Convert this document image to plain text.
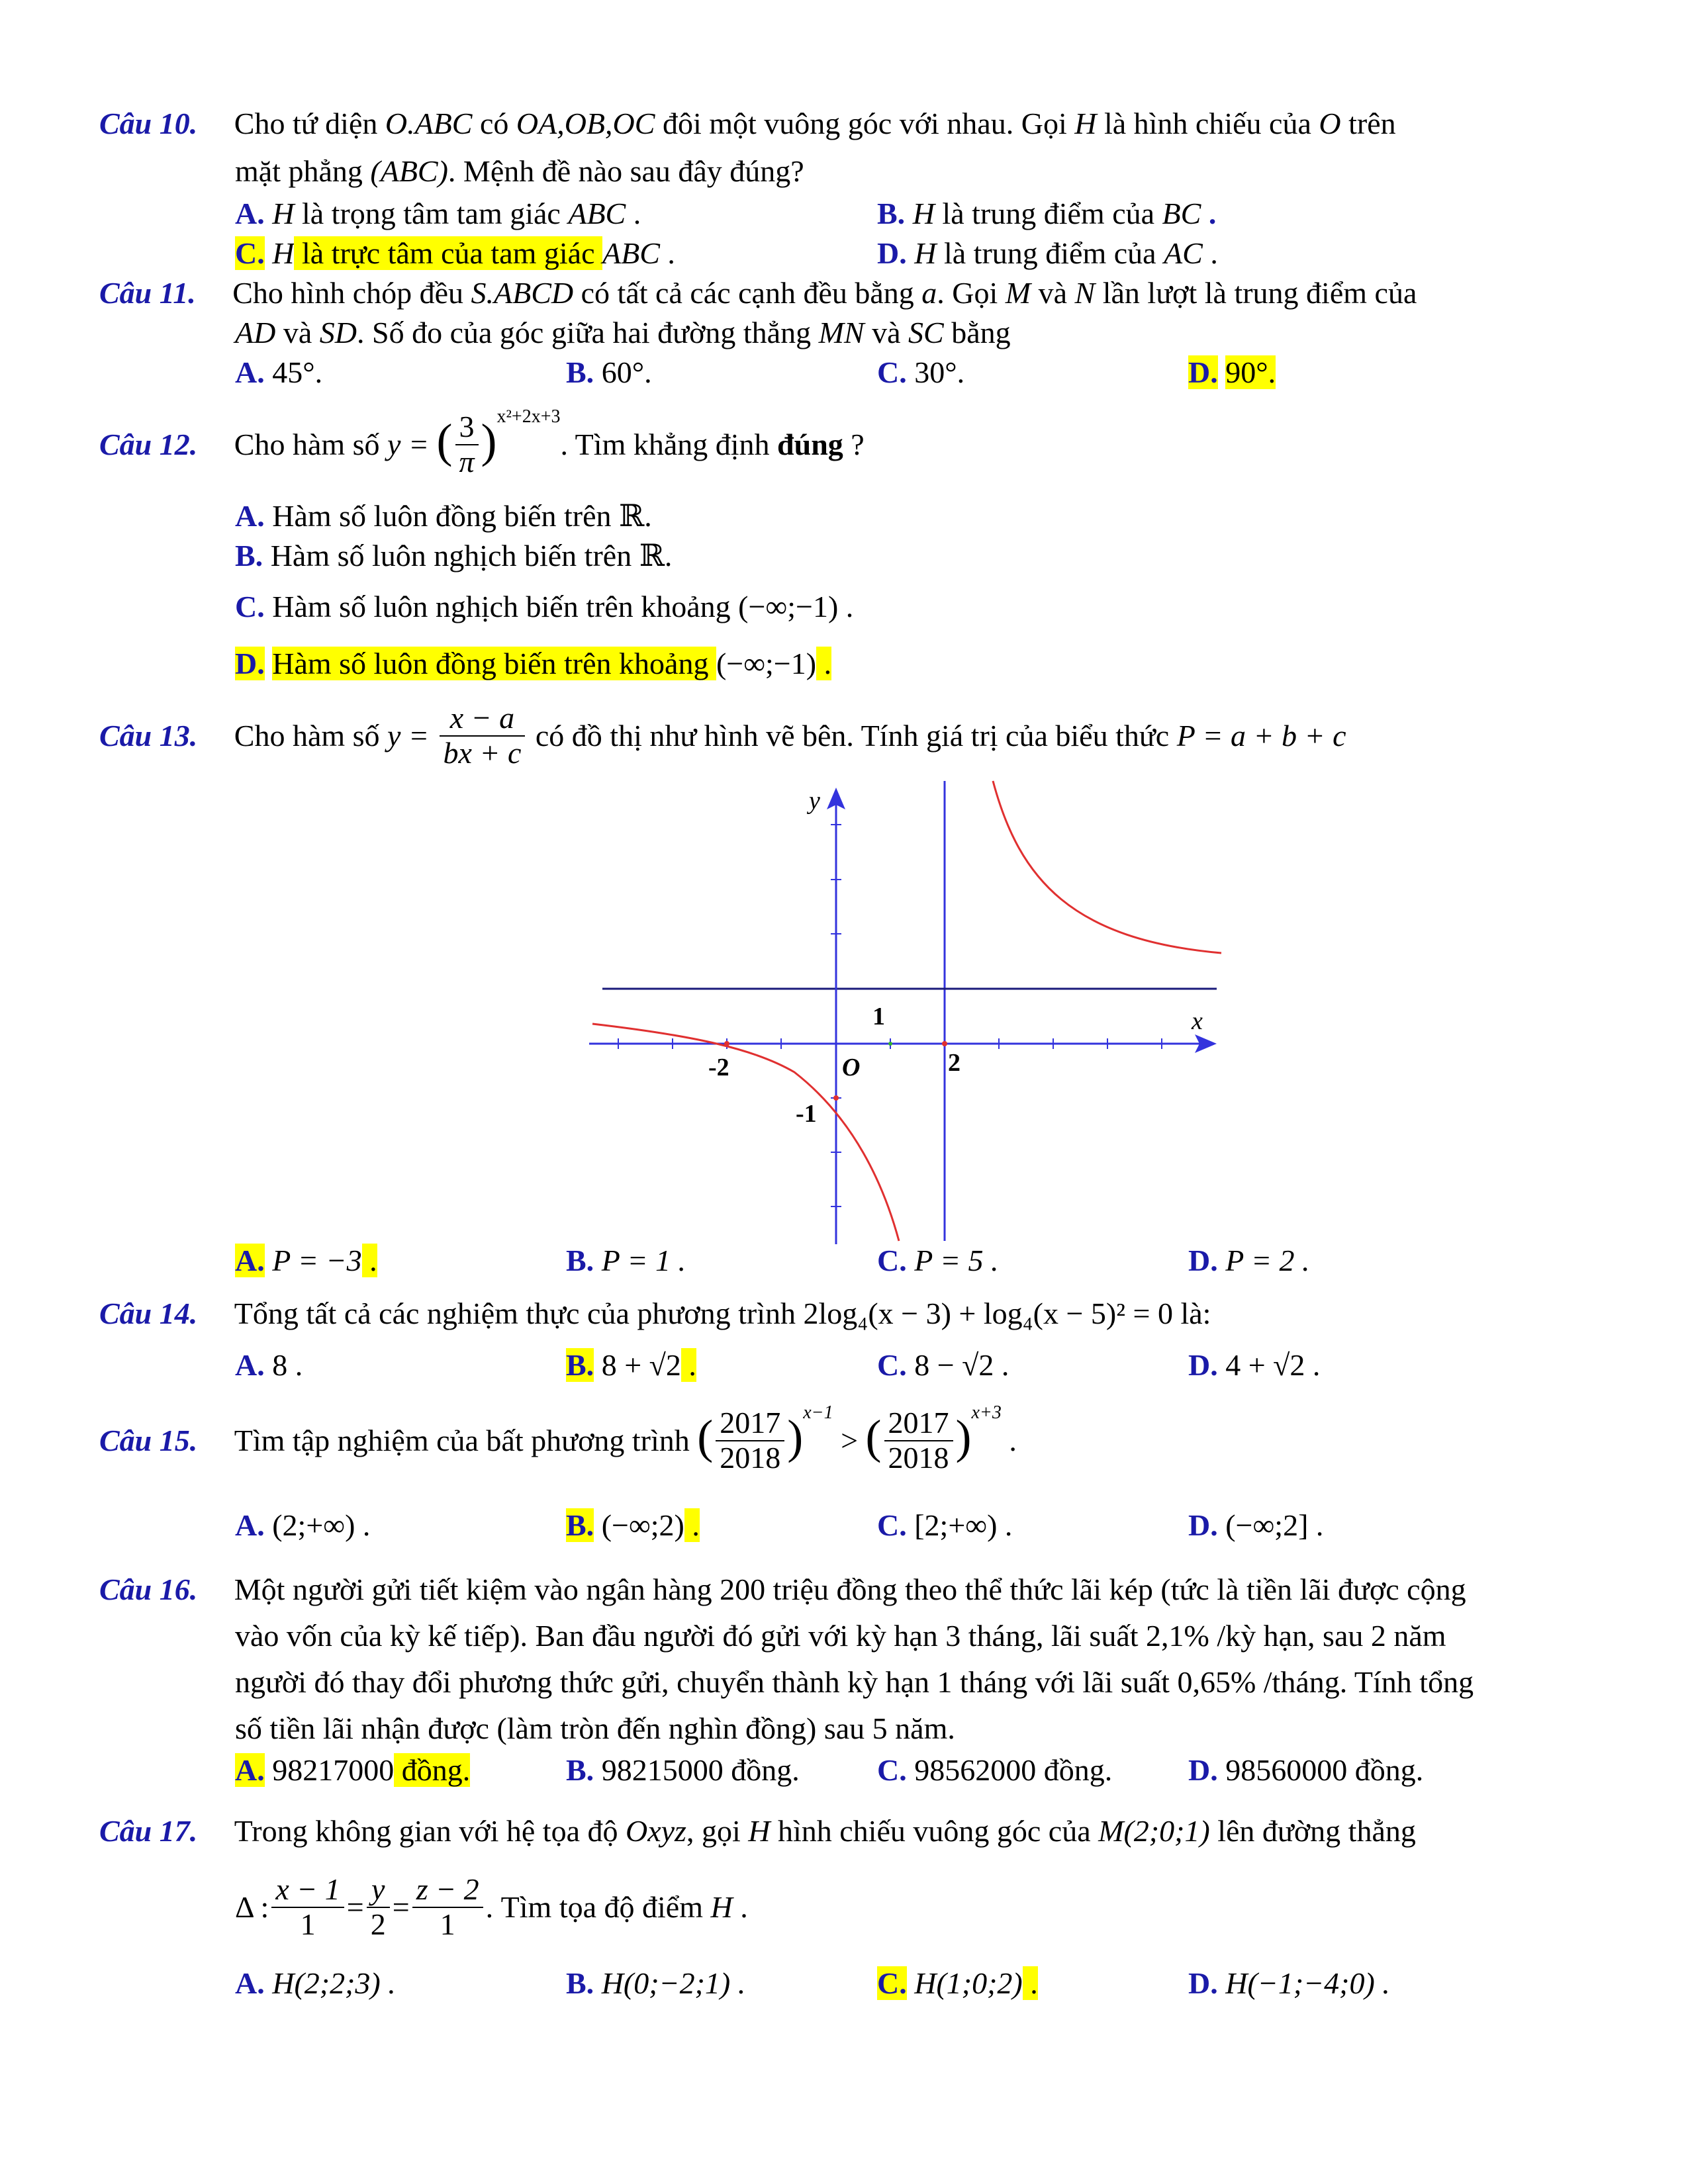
Câu 10. Cho tứ diện O.ABC có OA,OB,OC đôi một vuông góc với nhau. Gọi H là hình chiếu của O trên
mặt phẳng (ABC). Mệnh đề nào sau đây đúng?
A. H là trọng tâm tam giác ABC .	B. H là trung điểm của BC .
C. H là trực tâm của tam giác ABC .	D. H là trung điểm của AC .
Câu 11. Cho hình chóp đều S.ABCD có tất cả các cạnh đều bằng a. Gọi M và N lần lượt là trung điểm của
AD và SD. Số đo của góc giữa hai đường thẳng MN và SC bằng
A. 45°.	B. 60°.	C. 30°.	D. 90°.
Câu 12. Cho hàm số y = ( $\frac{3}{\pi} )^{x^2+2x+3}$. Tìm khẳng định đúng ?
A. Hàm số luôn đồng biến trên ℝ.
B. Hàm số luôn nghịch biến trên ℝ.
C. Hàm số luôn nghịch biến trên khoảng (−∞;−1) .
D. Hàm số luôn đồng biến trên khoảng (−∞;−1) .
Câu 13. Cho hàm số $y = \frac{x - a}{bx + c}$ có đồ thị như hình vẽ bên. Tính giá trị của biểu thức P = a + b + c
y
x
O
-2	2
-1
1
A. P = −3 .	B. P = 1 .	C. P = 5 .	D. P = 2 .
Câu 14. Tổng tất cả các nghiệm thực của phương trình 2log₄(x − 3) + log₄(x − 5)² = 0 là:
A. 8 .	B. 8 + √2 .	C. 8 − √2 .	D. 4 + √2 .
Câu 15. Tìm tập nghiệm của bất phương trình ( $\frac{2017}{2018} )^{x-1}$ > ( $\frac{2017}{2018} )^{x+3}$ .
A. (2;+∞) .	B. (−∞;2) .	C. [2;+∞) .	D. (−∞;2] .
Câu 16. Một người gửi tiết kiệm vào ngân hàng 200 triệu đồng theo thể thức lãi kép (tức là tiền lãi được cộng
vào vốn của kỳ kế tiếp). Ban đầu người đó gửi với kỳ hạn 3 tháng, lãi suất 2,1% /kỳ hạn, sau 2 năm
người đó thay đổi phương thức gửi, chuyển thành kỳ hạn 1 tháng với lãi suất 0,65% /tháng. Tính tổng
số tiền lãi nhận được (làm tròn đến nghìn đồng) sau 5 năm.
A. 98217000 đồng.	B. 98215000 đồng.	C. 98562000 đồng. D. 98560000 đồng.
Câu 17. Trong không gian với hệ tọa độ Oxyz, gọi H hình chiếu vuông góc của M(2;0;1) lên đường thẳng
Δ : $\frac{x - 1}{1} = \frac{y}{2} = \frac{z - 2}{1}$ . Tìm tọa độ điểm H .
A. H(2;2;3) .	B. H(0;−2;1) .	C. H(1;0;2) .	D. H(−1;−4;0) .
